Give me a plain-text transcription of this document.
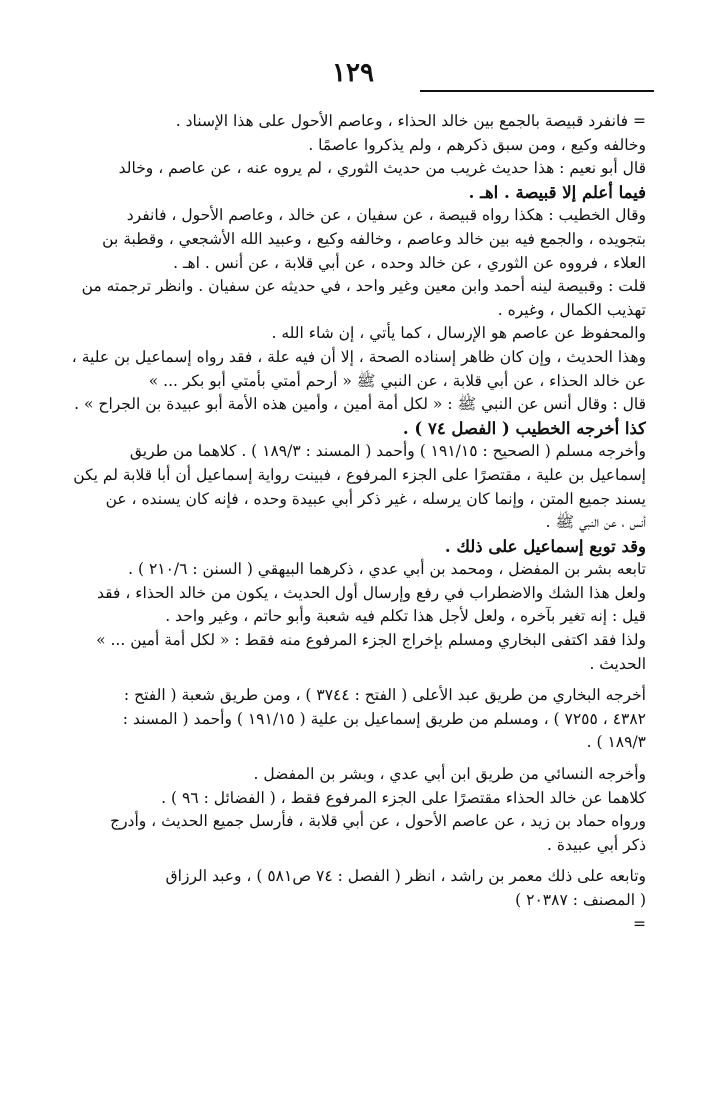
١٢٩
= فانفرد قبيصة بالجمع بين خالد الحذاء ، وعاصم الأحول على هذا الإسناد .
وخالفه وكيع ، ومن سبق ذكرهم ، ولم يذكروا عاصمًا .
قال أبو نعيم : هذا حديث غريب من حديث الثوري ، لم يروه عنه ، عن عاصم ، وخالد
فيما أعلم إلا قبيصة . اهـ .
وقال الخطيب : هكذا رواه قبيصة ، عن سفيان ، عن خالد ، وعاصم الأحول ، فانفرد
بتجويده ، والجمع فيه بين خالد وعاصم ، وخالفه وكيع ، وعبيد الله الأشجعي ، وقطبة بن
العلاء ، فرووه عن الثوري ، عن خالد وحده ، عن أبي قلابة ، عن أنس . اهـ .
قلت : وقبيصة لينه أحمد وابن معين وغير واحد ، في حديثه عن سفيان . وانظر ترجمته من
تهذيب الكمال ، وغيره .
والمحفوظ عن عاصم هو الإرسال ، كما يأتي ، إن شاء الله .
وهذا الحديث ، وإن كان ظاهر إسناده الصحة ، إلا أن فيه علة ، فقد رواه إسماعيل بن علية ،
عن خالد الحذاء ، عن أبي قلابة ، عن النبي ﷺ « أرحم أمتي بأمتي أبو بكر ... »
قال : وقال أنس عن النبي ﷺ : « لكل أمة أمين ، وأمين هذه الأمة أبو عبيدة بن الجراح » .
كذا أخرجه الخطيب ( الفصل ٧٤ ) .
وأخرجه مسلم ( الصحيح : ١٩١/١٥ ) وأحمد ( المسند : ١٨٩/٣ ) . كلاهما من طريق
إسماعيل بن علية ، مقتصرًا على الجزء المرفوع ، فبينت رواية إسماعيل أن أبا قلابة لم يكن
يسند جميع المتن ، وإنما كان يرسله ، غير ذكر أبي عبيدة وحده ، فإنه كان يسنده ، عن
أنس ، عن النبي ﷺ .
وقد توبع إسماعيل على ذلك .
تابعه بشر بن المفضل ، ومحمد بن أبي عدي ، ذكرهما البيهقي ( السنن : ٢١٠/٦ ) .
ولعل هذا الشك والاضطراب في رفع وإرسال أول الحديث ، يكون من خالد الحذاء ، فقد
قيل : إنه تغير بآخره ، ولعل لأجل هذا تكلم فيه شعبة وأبو حاتم ، وغير واحد .
ولذا فقد اكتفى البخاري ومسلم بإخراج الجزء المرفوع منه فقط : « لكل أمة أمين ... »
الحديث .
أخرجه البخاري من طريق عبد الأعلى ( الفتح : ٣٧٤٤ ) ، ومن طريق شعبة ( الفتح :
٤٣٨٢ ، ٧٢٥٥ ) ، ومسلم من طريق إسماعيل بن علية ( ١٩١/١٥ ) وأحمد ( المسند :
١٨٩/٣ ) .
وأخرجه النسائي من طريق ابن أبي عدي ، وبشر بن المفضل .
كلاهما عن خالد الحذاء مقتصرًا على الجزء المرفوع فقط ، ( الفضائل : ٩٦ ) .
ورواه حماد بن زيد ، عن عاصم الأحول ، عن أبي قلابة ، فأرسل جميع الحديث ، وأدرج
ذكر أبي عبيدة .
وتابعه على ذلك معمر بن راشد ، انظر ( الفصل : ٧٤ ص٥٨١ ) ، وعبد الرزاق
( المصنف : ٢٠٣٨٧ )
=
